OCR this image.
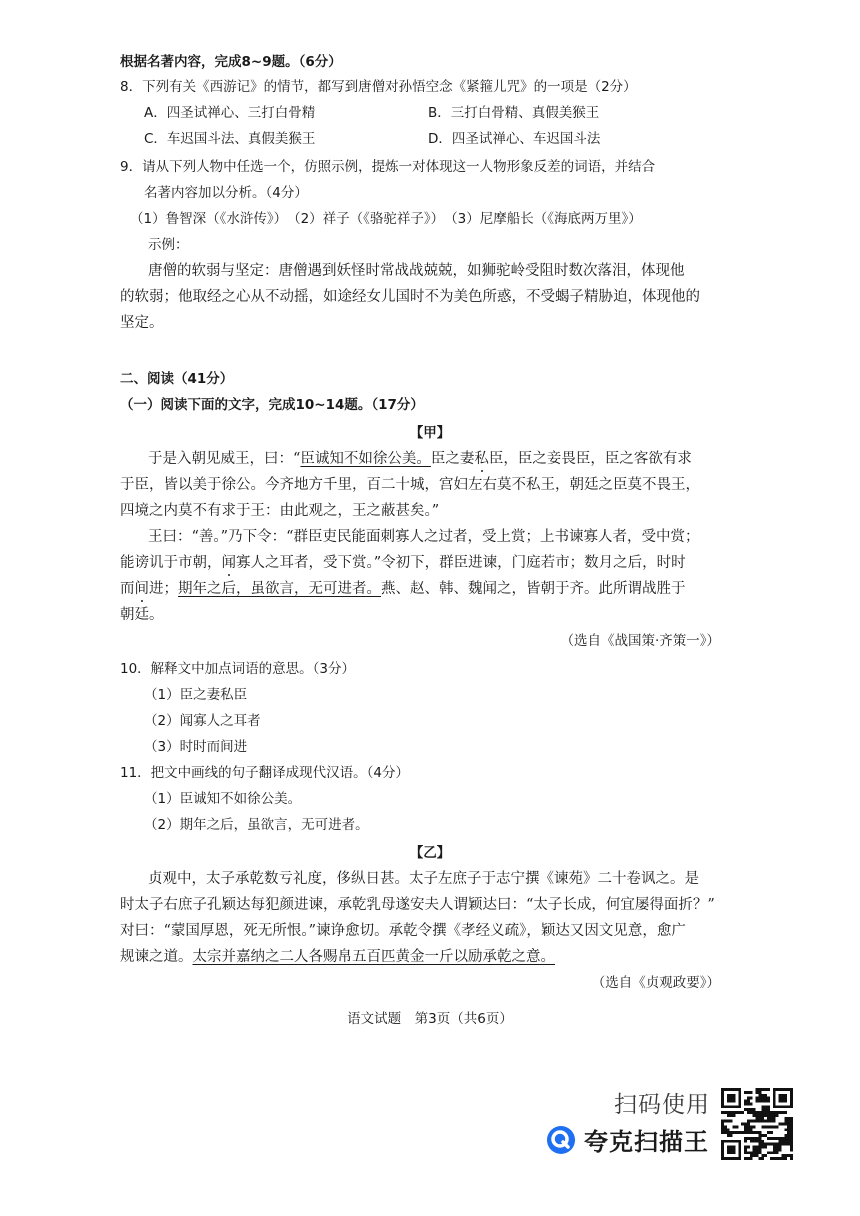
根据名著内容，完成8~9题。（6分）
8．下列有关《西游记》的情节，都写到唐僧对孙悟空念《紧箍儿咒》的一项是（2分）
A．四圣试禅心、三打白骨精	B．三打白骨精、真假美猴王
C．车迟国斗法、真假美猴王	D．四圣试禅心、车迟国斗法
9．请从下列人物中任选一个，仿照示例，提炼一对体现这一人物形象反差的词语，并结合
名著内容加以分析。（4分）
（1）鲁智深（《水浒传》）　（2）祥子（《骆驼祥子》）　（3）尼摩船长（《海底两万里》）
示例：
唐僧的软弱与坚定：唐僧遇到妖怪时常战战兢兢，如狮驼岭受阻时数次落泪，体现他
的软弱；他取经之心从不动摇，如途经女儿国时不为美色所惑，不受蝎子精胁迫，体现他的
坚定。
二、阅读（41分）
（一）阅读下面的文字，完成10~14题。（17分）
【甲】
于是入朝见威王，曰：“臣诚知不如徐公美。臣之妻私臣，臣之妾畏臣，臣之客欲有求
于臣，皆以美于徐公。今齐地方千里，百二十城，宫妇左右莫不私王，朝廷之臣莫不畏王，
四境之内莫不有求于王：由此观之，王之蔽甚矣。”
王曰：“善。”乃下令：“群臣吏民能面刺寡人之过者，受上赏；上书谏寡人者，受中赏；
能谤讥于市朝，闻寡人之耳者，受下赏。”令初下，群臣进谏，门庭若市；数月之后，时时
而间进；期年之后，虽欲言，无可进者。燕、赵、韩、魏闻之，皆朝于齐。此所谓战胜于
朝廷。
（选自《战国策·齐策一》）
10．解释文中加点词语的意思。（3分）
（1）臣之妻私臣
（2）闻寡人之耳者
（3）时时而间进
11．把文中画线的句子翻译成现代汉语。（4分）
（1）臣诚知不如徐公美。
（2）期年之后，虽欲言，无可进者。
【乙】
贞观中，太子承乾数亏礼度，侈纵日甚。太子左庶子于志宁撰《谏苑》二十卷讽之。是
时太子右庶子孔颖达每犯颜进谏，承乾乳母遂安夫人谓颖达曰：“太子长成，何宜屡得面折？”
对曰：“蒙国厚恩，死无所恨。”谏诤愈切。承乾令撰《孝经义疏》，颖达又因文见意，愈广
规谏之道。太宗并嘉纳之二人各赐帛五百匹黄金一斤以励承乾之意。
（选自《贞观政要》）
语文试题　第3页（共6页）
扫码使用
夸克扫描王
